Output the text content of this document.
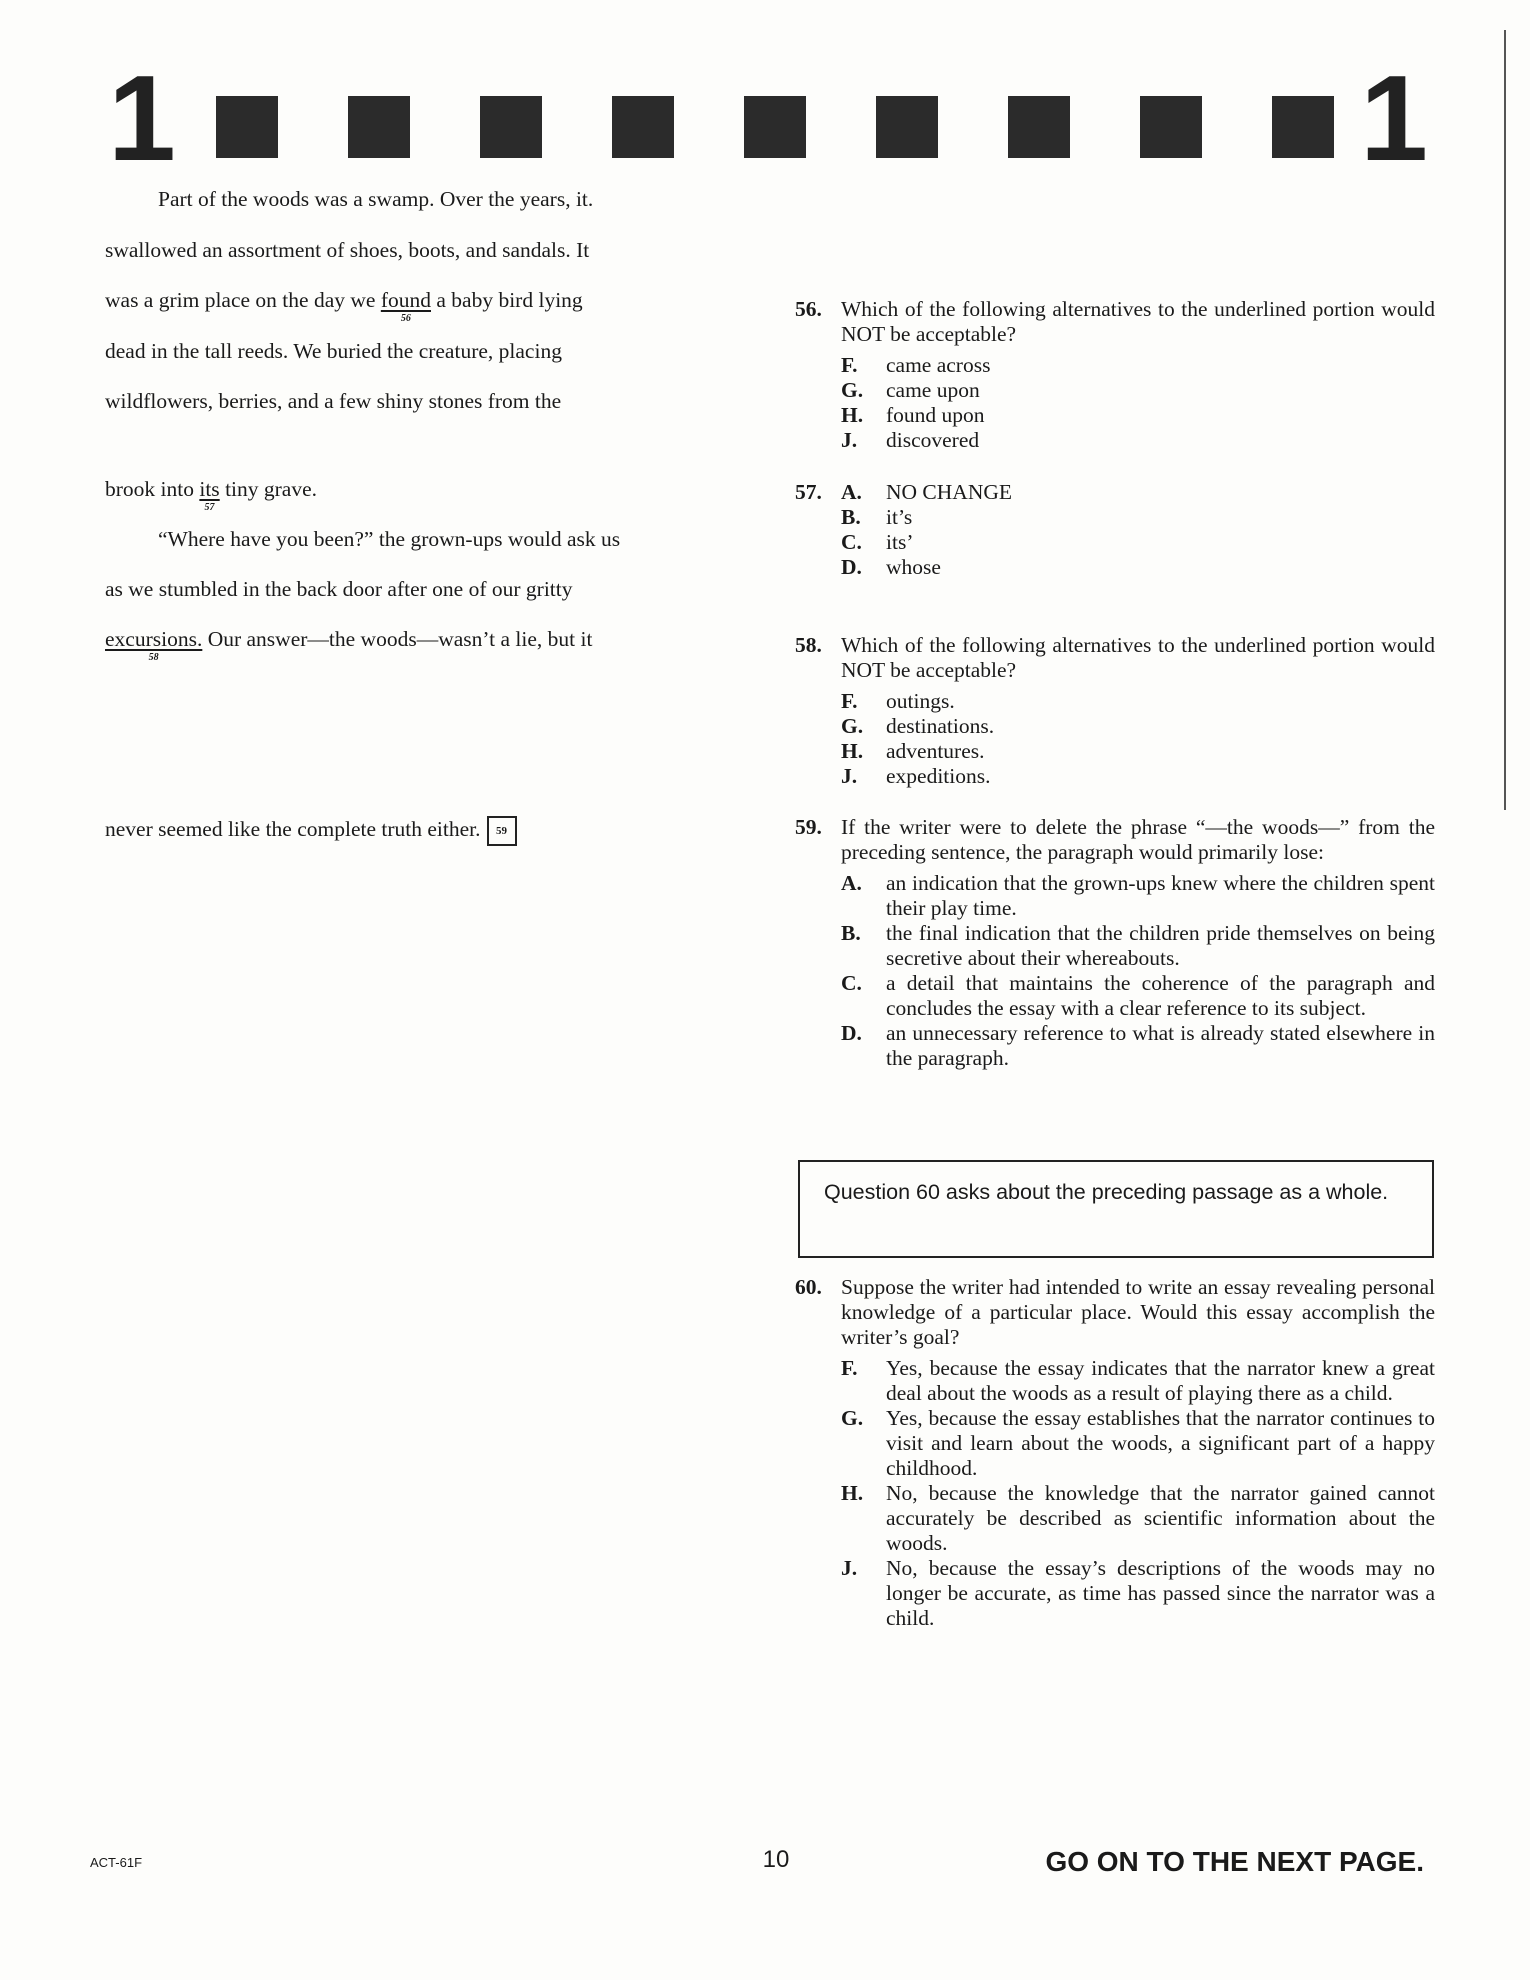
1	1
Part of the woods was a swamp. Over the years, it.
swallowed an assortment of shoes, boots, and sandals. It
was a grim place on the day we found
56
a baby bird lying
dead in the tall reeds. We buried the creature, placing
wildflowers, berries, and a few shiny stones from the
brook into its
57
tiny grave.
“Where have you been?” the grown-ups would ask us
as we stumbled in the back door after one of our gritty
excursions.
58
Our answer—the woods—wasn’t a lie, but it
never seemed like the complete truth either. 59
56. Which of the following alternatives to the underlined portion would NOT be acceptable?
F.	came across
G.	came upon
H.	found upon
J.	discovered
57. A.	NO CHANGE
B.	it’s
C.	its’
D.	whose
58. Which of the following alternatives to the underlined portion would NOT be acceptable?
F.	outings.
G.	destinations.
H.	adventures.
J.	expeditions.
59. If the writer were to delete the phrase “—the woods—” from the preceding sentence, the paragraph would primarily lose:
A.	an indication that the grown-ups knew where the children spent their play time.
B.	the final indication that the children pride themselves on being secretive about their whereabouts.
C.	a detail that maintains the coherence of the paragraph and concludes the essay with a clear reference to its subject.
D.	an unnecessary reference to what is already stated elsewhere in the paragraph.
Question 60 asks about the preceding passage as a whole.
60. Suppose the writer had intended to write an essay revealing personal knowledge of a particular place. Would this essay accomplish the writer’s goal?
F.	Yes, because the essay indicates that the narrator knew a great deal about the woods as a result of playing there as a child.
G.	Yes, because the essay establishes that the narrator continues to visit and learn about the woods, a significant part of a happy childhood.
H.	No, because the knowledge that the narrator gained cannot accurately be described as scientific information about the woods.
J.	No, because the essay’s descriptions of the woods may no longer be accurate, as time has passed since the narrator was a child.
ACT-61F	10	GO ON TO THE NEXT PAGE.
